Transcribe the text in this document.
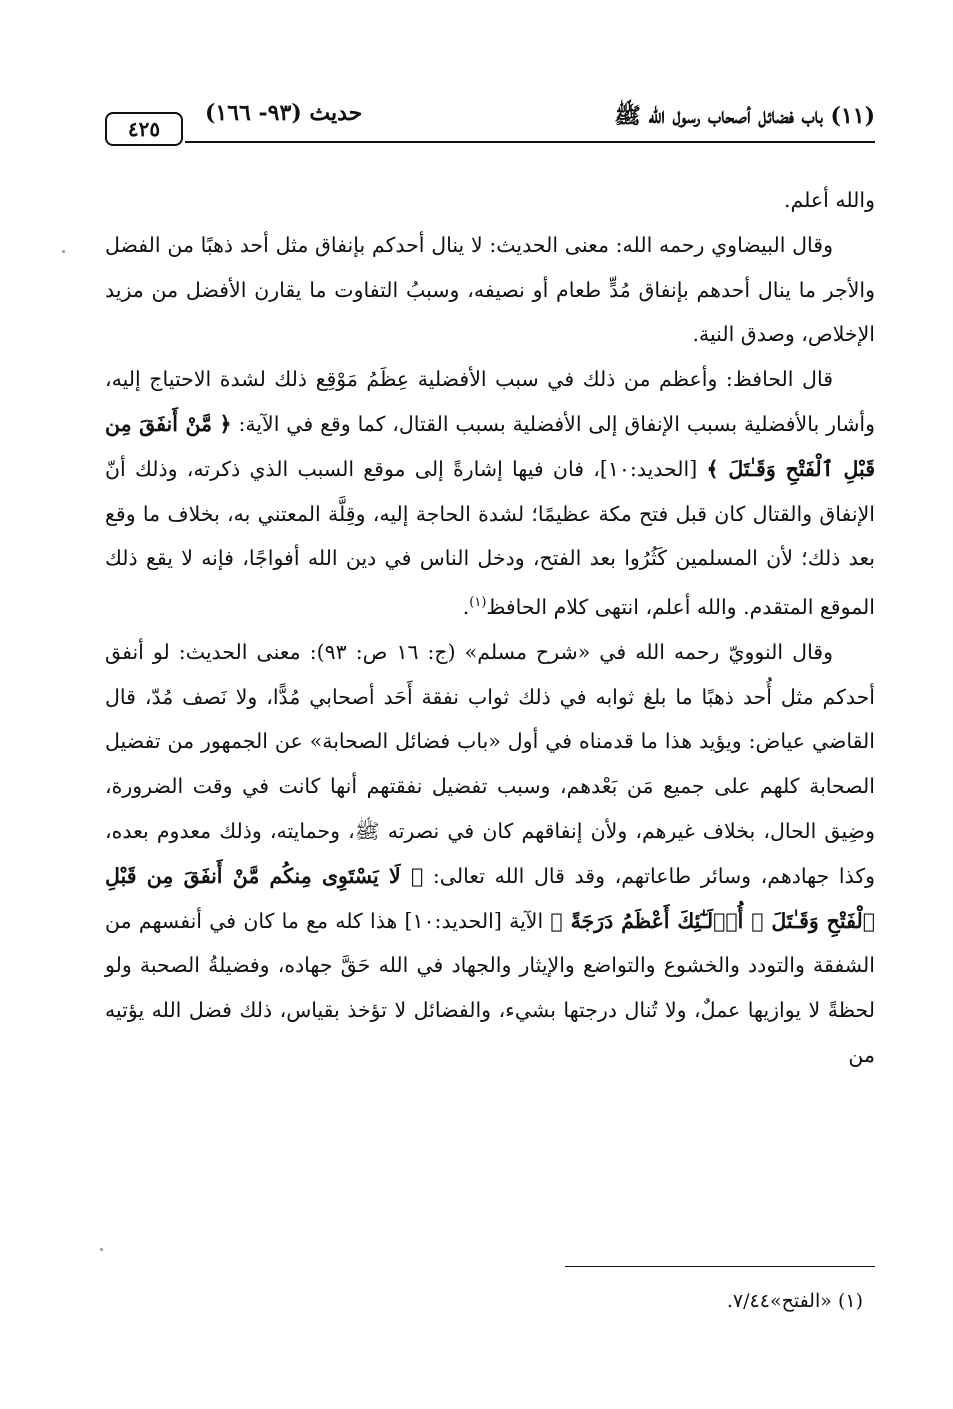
(١١) باب فضائل أصحاب رسول الله ﷺ
حديث (٩٣- ١٦٦)
٤٢٥

والله أعلم.

وقال البيضاوي رحمه الله: معنى الحديث: لا ينال أحدكم بإنفاق مثل أحد ذهبًا من الفضل والأجر ما ينال أحدهم بإنفاق مُدٍّ طعام أو نصيفه، وسببُ التفاوت ما يقارن الأفضل من مزيد الإخلاص، وصدق النية.

قال الحافظ: وأعظم من ذلك في سبب الأفضلية عِظَمُ مَوْقِع ذلك لشدة الاحتياج إليه، وأشار بالأفضلية بسبب الإنفاق إلى الأفضلية بسبب القتال، كما وقع في الآية: ﴿ مَّنْ أَنفَقَ مِن قَبْلِ ٱلْفَتْحِ وَقَـٰتَلَ ﴾ [الحديد:١٠]، فان فيها إشارةً إلى موقع السبب الذي ذكرته، وذلك أنّ الإنفاق والقتال كان قبل فتح مكة عظيمًا؛ لشدة الحاجة إليه، وقِلَّة المعتني به، بخلاف ما وقع بعد ذلك؛ لأن المسلمين كَثُرُوا بعد الفتح، ودخل الناس في دين الله أفواجًا، فإنه لا يقع ذلك الموقع المتقدم. والله أعلم، انتهى كلام الحافظ$^{(١)}$.

وقال النوويّ رحمه الله في «شرح مسلم» (ج: ١٦ ص: ٩٣): معنى الحديث: لو أنفق أحدكم مثل أُحد ذهبًا ما بلغ ثوابه في ذلك ثواب نفقة أَحَد أصحابي مُدًّا، ولا نَصف مُدّ، قال القاضي عياض: ويؤيد هذا ما قدمناه في أول «باب فضائل الصحابة» عن الجمهور من تفضيل الصحابة كلهم على جميع مَن بَعْدهم، وسبب تفضيل نفقتهم أنها كانت في وقت الضرورة، وضِيق الحال، بخلاف غيرهم، ولأن إنفاقهم كان في نصرته ﷺ، وحمايته، وذلك معدوم بعده، وكذا جهادهم، وسائر طاعاتهم، وقد قال الله تعالى: ﴿ لَا يَسْتَوِى مِنكُم مَّنْ أَنفَقَ مِن قَبْلِ ٱلْفَتْحِ وَقَـٰتَلَ ۚ أُو۟لَـٰٓئِكَ أَعْظَمُ دَرَجَةً ﴾ الآية [الحديد:١٠] هذا كله مع ما كان في أنفسهم من الشفقة والتودد والخشوع والتواضع والإيثار والجهاد في الله حَقَّ جهاده، وفضيلةُ الصحبة ولو لحظةً لا يوازيها عملٌ، ولا تُنال درجتها بشيء، والفضائل لا تؤخذ بقياس، ذلك فضل الله يؤتيه من

(١) «الفتح»٧/٤٤.
